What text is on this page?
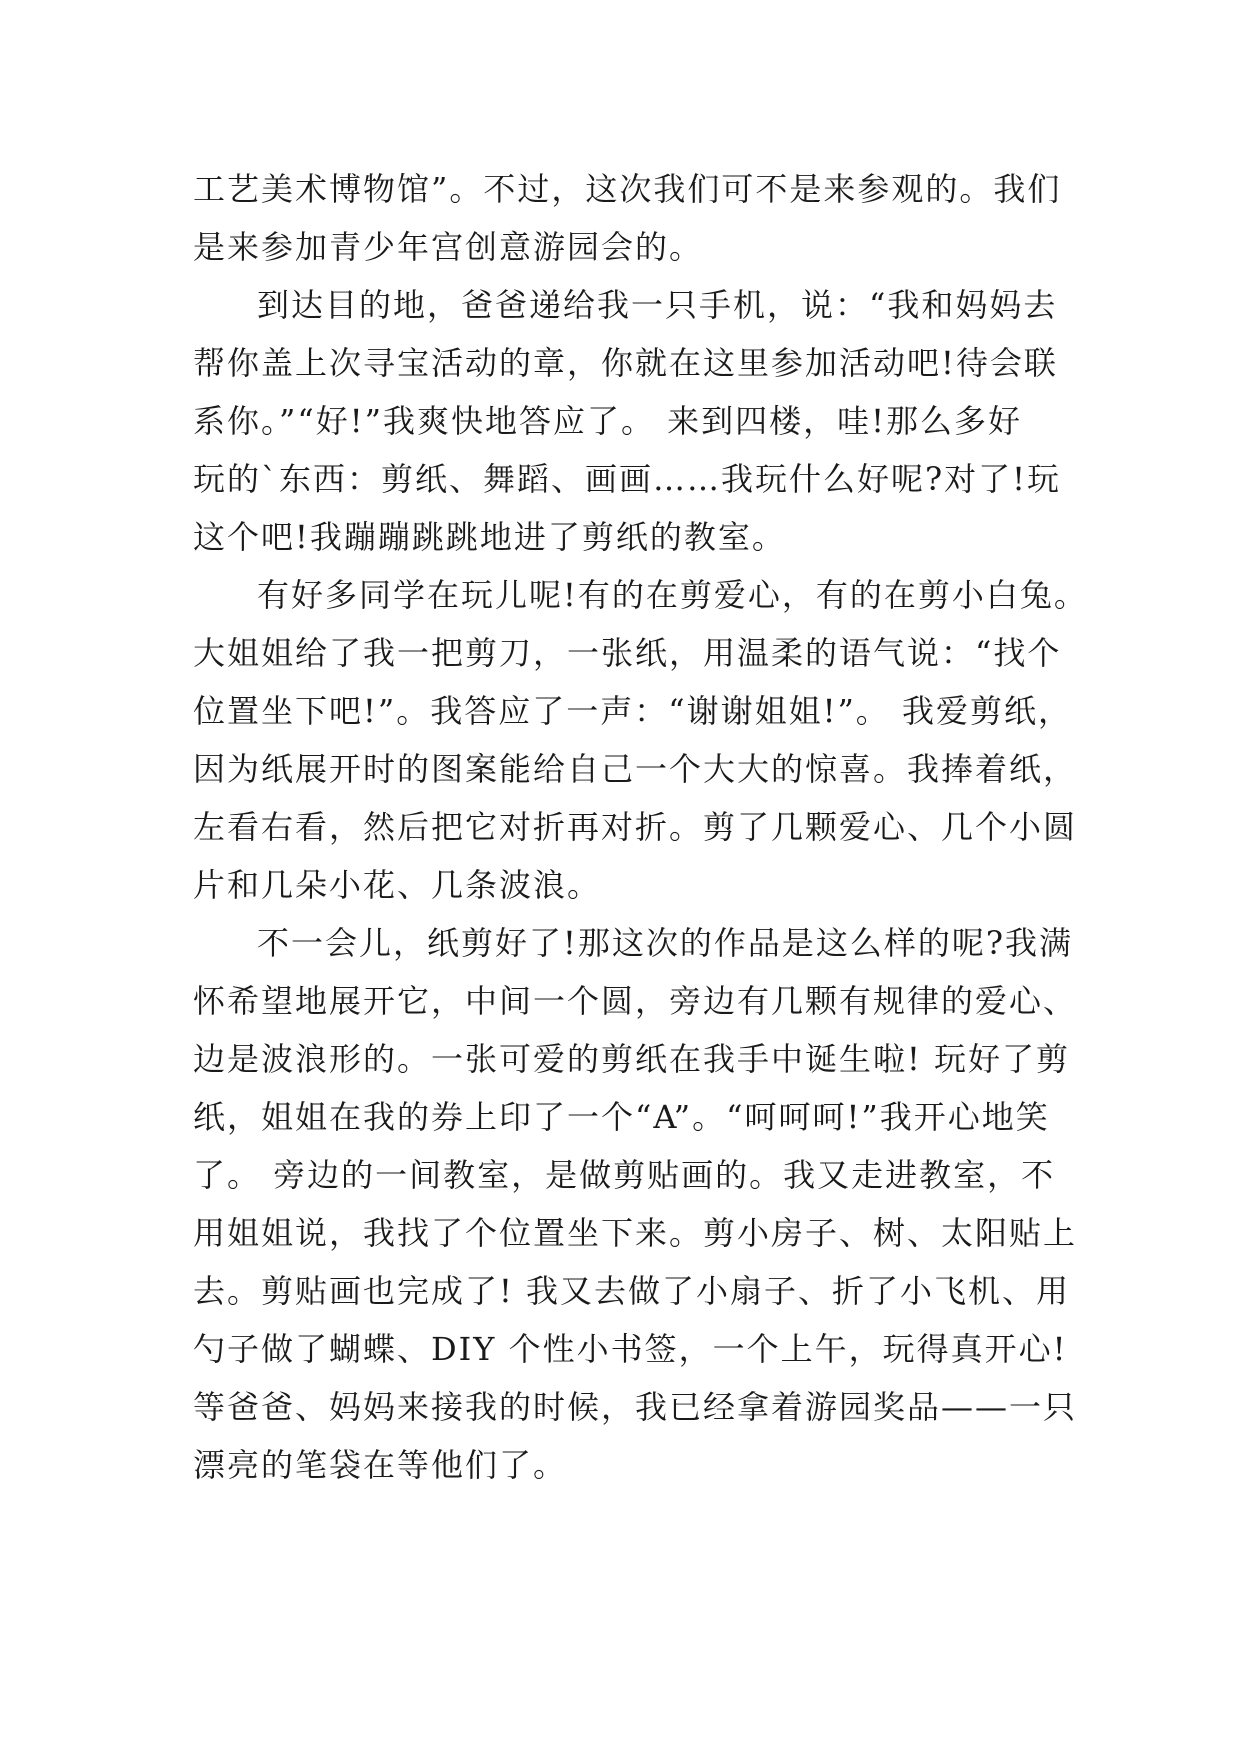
工艺美术博物馆”。不过，这次我们可不是来参观的。我们
是来参加青少年宫创意游园会的。
到达目的地，爸爸递给我一只手机，说：“我和妈妈去
帮你盖上次寻宝活动的章，你就在这里参加活动吧!待会联
系你。”“好!”我爽快地答应了。 来到四楼，哇!那么多好
玩的`东西：剪纸、舞蹈、画画……我玩什么好呢?对了!玩
这个吧!我蹦蹦跳跳地进了剪纸的教室。
有好多同学在玩儿呢!有的在剪爱心，有的在剪小白兔。
大姐姐给了我一把剪刀，一张纸，用温柔的语气说：“找个
位置坐下吧!”。我答应了一声：“谢谢姐姐!”。 我爱剪纸，
因为纸展开时的图案能给自己一个大大的惊喜。我捧着纸，
左看右看，然后把它对折再对折。剪了几颗爱心、几个小圆
片和几朵小花、几条波浪。
不一会儿，纸剪好了!那这次的作品是这么样的呢?我满
怀希望地展开它，中间一个圆，旁边有几颗有规律的爱心、
边是波浪形的。一张可爱的剪纸在我手中诞生啦! 玩好了剪
纸，姐姐在我的券上印了一个“A”。“呵呵呵!”我开心地笑
了。 旁边的一间教室，是做剪贴画的。我又走进教室，不
用姐姐说，我找了个位置坐下来。剪小房子、树、太阳贴上
去。剪贴画也完成了! 我又去做了小扇子、折了小飞机、用
勺子做了蝴蝶、DIY 个性小书签，一个上午，玩得真开心!
等爸爸、妈妈来接我的时候，我已经拿着游园奖品——一只
漂亮的笔袋在等他们了。
